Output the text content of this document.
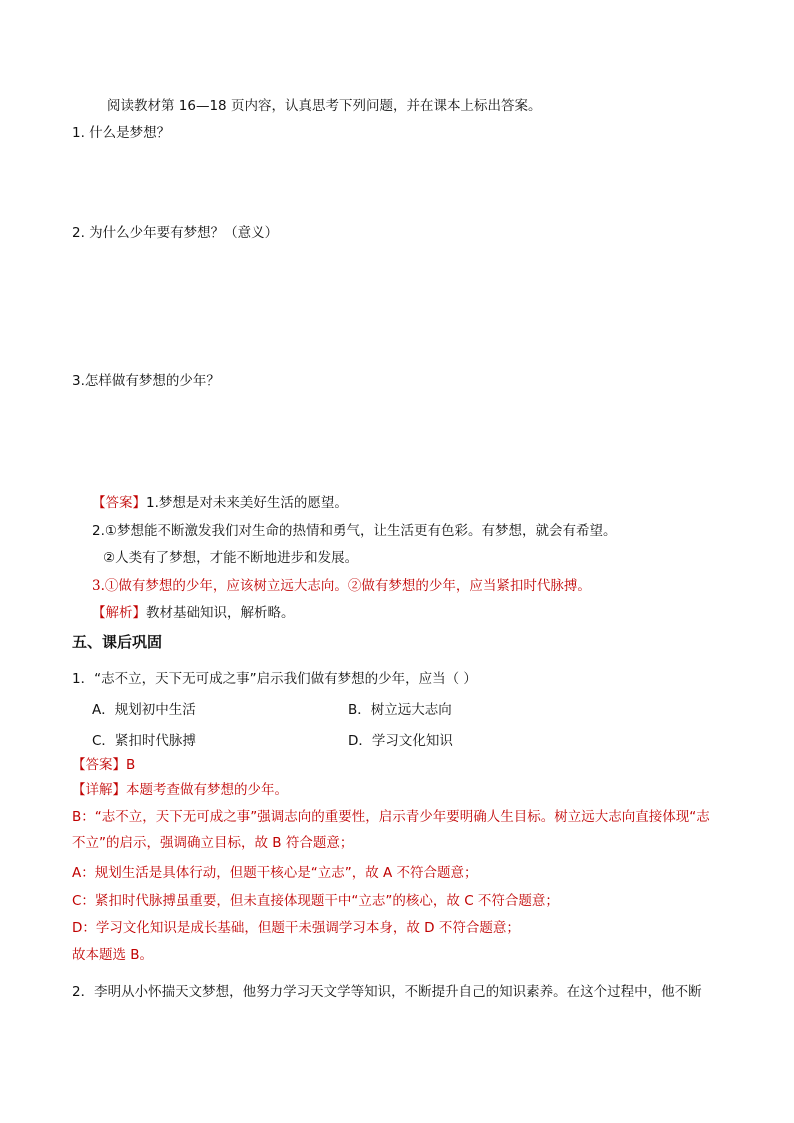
阅读教材第 16—18 页内容，认真思考下列问题，并在课本上标出答案。
1. 什么是梦想？
2. 为什么少年要有梦想？（意义）
3.怎样做有梦想的少年？
【答案】1.梦想是对未来美好生活的愿望。
2.①梦想能不断激发我们对生命的热情和勇气，让生活更有色彩。有梦想，就会有希望。
②人类有了梦想，才能不断地进步和发展。
3.①做有梦想的少年，应该树立远大志向。②做有梦想的少年，应当紧扣时代脉搏。
【解析】教材基础知识，解析略。
五、课后巩固
1．“志不立，天下无可成之事”启示我们做有梦想的少年，应当（ ）
A．规划初中生活	B．树立远大志向
C．紧扣时代脉搏	D．学习文化知识
【答案】B
【详解】本题考查做有梦想的少年。
B：“志不立，天下无可成之事”强调志向的重要性，启示青少年要明确人生目标。树立远大志向直接体现“志
不立”的启示，强调确立目标，故 B 符合题意；
A：规划生活是具体行动，但题干核心是“立志”，故 A 不符合题意；
C：紧扣时代脉搏虽重要，但未直接体现题干中“立志”的核心，故 C 不符合题意；
D：学习文化知识是成长基础，但题干未强调学习本身，故 D 不符合题意；
故本题选 B。
2．李明从小怀揣天文梦想，他努力学习天文学等知识，不断提升自己的知识素养。在这个过程中，他不断
